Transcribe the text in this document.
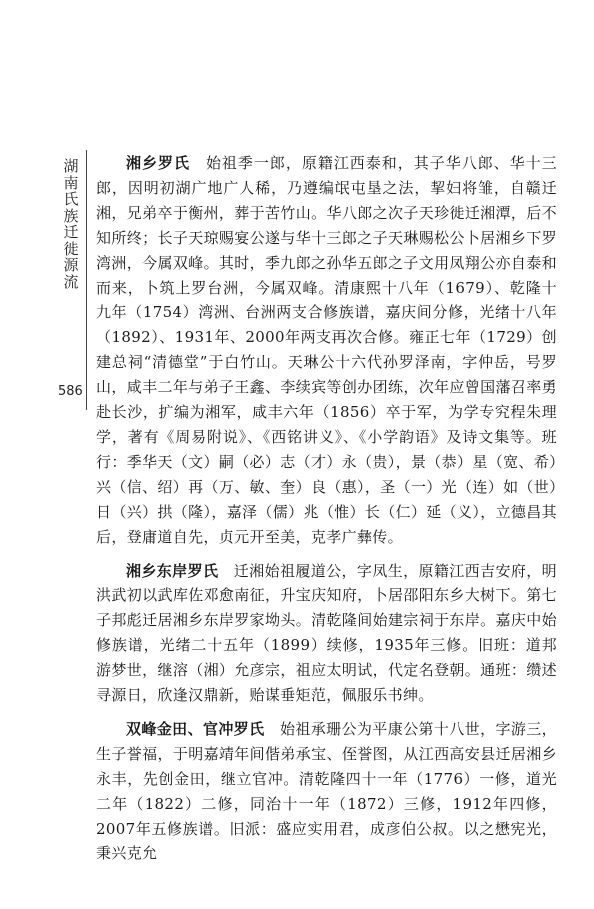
湖
南
氏
族
迁
徙
源
流
586

湘乡罗氏　始祖季一郎，原籍江西泰和，其子华八郎、华十三郎，因明初湖广地广人稀，乃遵编氓屯垦之法，挈妇将雏，自赣迁湘，兄弟卒于衡州，葬于苦竹山。华八郎之次子天珍徙迁湘潭，后不知所终；长子天琼赐宴公遂与华十三郎之子天琳赐松公卜居湘乡下罗湾洲，今属双峰。其时，季九郎之孙华五郎之子文用凤翔公亦自泰和而来，卜筑上罗台洲，今属双峰。清康熙十八年（1679）、乾隆十九年（1754）湾洲、台洲两支合修族谱，嘉庆间分修，光绪十八年（1892）、1931年、2000年两支再次合修。雍正七年（1729）创建总祠“清德堂”于白竹山。天琳公十六代孙罗泽南，字仲岳，号罗山，咸丰二年与弟子王鑫、李续宾等创办团练，次年应曾国藩召率勇赴长沙，扩编为湘军，咸丰六年（1856）卒于军，为学专究程朱理学，著有《周易附说》、《西铭讲义》、《小学韵语》及诗文集等。班行：季华天（文）嗣（必）志（才）永（贵），景（恭）星（宽、希）兴（信、绍）再（万、敏、奎）良（惠），圣（一）光（连）如（世）日（兴）拱（隆），嘉泽（儒）兆（惟）长（仁）延（义），立德昌其后，登庸道自先，贞元开至美，克孝广彝传。

湘乡东岸罗氏　迁湘始祖履道公，字凤生，原籍江西吉安府，明洪武初以武库佐邓愈南征，升宝庆知府，卜居邵阳东乡大树下。第七子邦彪迁居湘乡东岸罗家坳头。清乾隆间始建宗祠于东岸。嘉庆中始修族谱，光绪二十五年（1899）续修，1935年三修。旧班：道邦游梦世，继溶（湘）允彦宗，祖应太明试，代定名登朝。通班：缵述寻源日，欣逢汉鼎新，贻谋垂矩范，佩服乐书绅。

双峰金田、官冲罗氏　始祖承珊公为平康公第十八世，字游三，生子誉福，于明嘉靖年间偕弟承宝、侄誉图，从江西高安县迁居湘乡永丰，先创金田，继立官冲。清乾隆四十一年（1776）一修，道光二年（1822）二修，同治十一年（1872）三修，1912年四修，2007年五修族谱。旧派：盛应实用君，成彦伯公叔。以之懋宪光，秉兴克允
